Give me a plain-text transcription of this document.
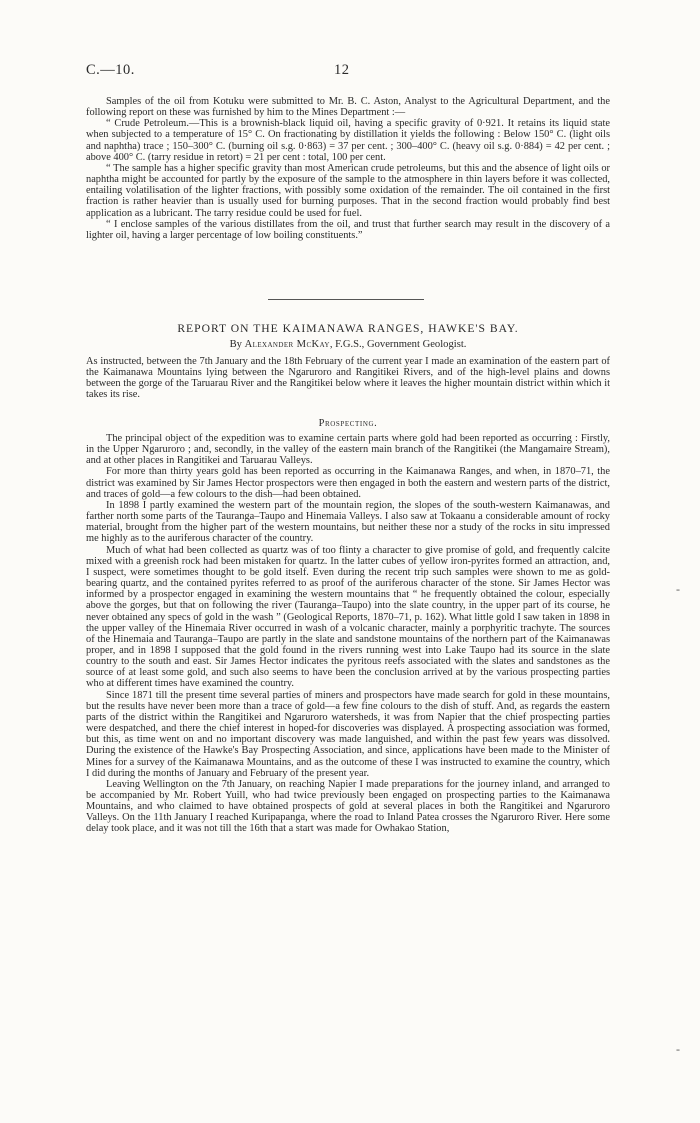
C.—10.	12

Samples of the oil from Kotuku were submitted to Mr. B. C. Aston, Analyst to the Agricultural Department, and the following report on these was furnished by him to the Mines Department :—

“ Crude Petroleum.—This is a brownish-black liquid oil, having a specific gravity of 0·921. It retains its liquid state when subjected to a temperature of 15° C. On fractionating by distillation it yields the following : Below 150° C. (light oils and naphtha) trace ; 150–300° C. (burning oil s.g. 0·863) = 37 per cent. ; 300–400° C. (heavy oil s.g. 0·884) = 42 per cent. ; above 400° C. (tarry residue in retort) = 21 per cent : total, 100 per cent.

“ The sample has a higher specific gravity than most American crude petroleums, but this and the absence of light oils or naphtha might be accounted for partly by the exposure of the sample to the atmosphere in thin layers before it was collected, entailing volatilisation of the lighter fractions, with possibly some oxidation of the remainder. The oil contained in the first fraction is rather heavier than is usually used for burning purposes. That in the second fraction would probably find best application as a lubricant. The tarry residue could be used for fuel.

“ I enclose samples of the various distillates from the oil, and trust that further search may result in the discovery of a lighter oil, having a larger percentage of low boiling constituents.”

REPORT ON THE KAIMANAWA RANGES, HAWKE'S BAY.
By Alexander McKay, F.G.S., Government Geologist.

As instructed, between the 7th January and the 18th February of the current year I made an examination of the eastern part of the Kaimanawa Mountains lying between the Ngaruroro and Rangitikei Rivers, and of the high-level plains and downs between the gorge of the Taruarau River and the Rangitikei below where it leaves the higher mountain district within which it takes its rise.

Prospecting.

The principal object of the expedition was to examine certain parts where gold had been reported as occurring : Firstly, in the Upper Ngaruroro ; and, secondly, in the valley of the eastern main branch of the Rangitikei (the Mangamaire Stream), and at other places in Rangitikei and Taruarau Valleys.

For more than thirty years gold has been reported as occurring in the Kaimanawa Ranges, and when, in 1870–71, the district was examined by Sir James Hector prospectors were then engaged in both the eastern and western parts of the district, and traces of gold—a few colours to the dish—had been obtained.

In 1898 I partly examined the western part of the mountain region, the slopes of the south-western Kaimanawas, and farther north some parts of the Tauranga–Taupo and Hinemaia Valleys. I also saw at Tokaanu a considerable amount of rocky material, brought from the higher part of the western mountains, but neither these nor a study of the rocks in situ impressed me highly as to the auriferous character of the country.

Much of what had been collected as quartz was of too flinty a character to give promise of gold, and frequently calcite mixed with a greenish rock had been mistaken for quartz. In the latter cubes of yellow iron-pyrites formed an attraction, and, I suspect, were sometimes thought to be gold itself. Even during the recent trip such samples were shown to me as gold-bearing quartz, and the contained pyrites referred to as proof of the auriferous character of the stone. Sir James Hector was informed by a prospector engaged in examining the western mountains that “ he frequently obtained the colour, especially above the gorges, but that on following the river (Tauranga–Taupo) into the slate country, in the upper part of its course, he never obtained any specs of gold in the wash ” (Geological Reports, 1870–71, p. 162). What little gold I saw taken in 1898 in the upper valley of the Hinemaia River occurred in wash of a volcanic character, mainly a porphyritic trachyte. The sources of the Hinemaia and Tauranga–Taupo are partly in the slate and sandstone mountains of the northern part of the Kaimanawas proper, and in 1898 I supposed that the gold found in the rivers running west into Lake Taupo had its source in the slate country to the south and east. Sir James Hector indicates the pyritous reefs associated with the slates and sandstones as the source of at least some gold, and such also seems to have been the conclusion arrived at by the various prospecting parties who at different times have examined the country.

Since 1871 till the present time several parties of miners and prospectors have made search for gold in these mountains, but the results have never been more than a trace of gold—a few fine colours to the dish of stuff. And, as regards the eastern parts of the district within the Rangitikei and Ngaruroro watersheds, it was from Napier that the chief prospecting parties were despatched, and there the chief interest in hoped-for discoveries was displayed. A prospecting association was formed, but this, as time went on and no important discovery was made languished, and within the past few years was dissolved. During the existence of the Hawke's Bay Prospecting Association, and since, applications have been made to the Minister of Mines for a survey of the Kaimanawa Mountains, and as the outcome of these I was instructed to examine the country, which I did during the months of January and February of the present year.

Leaving Wellington on the 7th January, on reaching Napier I made preparations for the journey inland, and arranged to be accompanied by Mr. Robert Yuill, who had twice previously been engaged on prospecting parties to the Kaimanawa Mountains, and who claimed to have obtained prospects of gold at several places in both the Rangitikei and Ngaruroro Valleys. On the 11th January I reached Kuripapanga, where the road to Inland Patea crosses the Ngaruroro River. Here some delay took place, and it was not till the 16th that a start was made for Owhakao Station,

-
-
